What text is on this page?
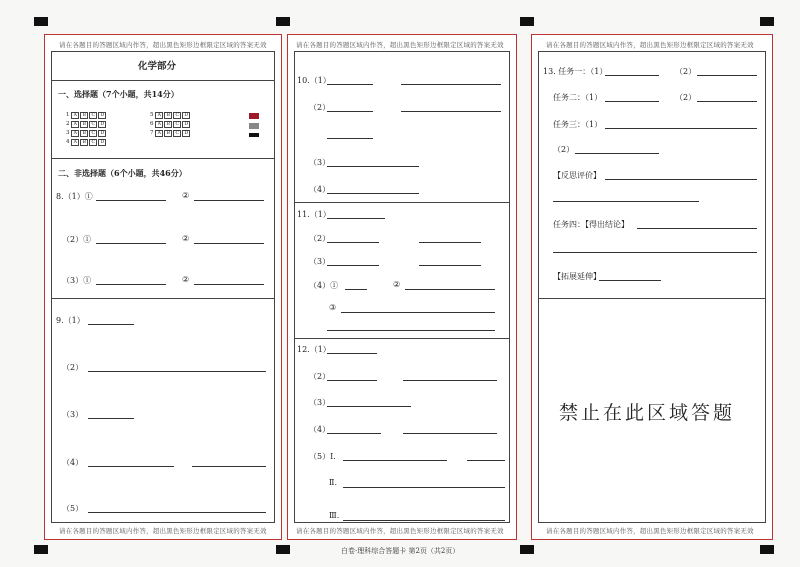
请在各题目的答题区域内作答，超出黑色矩形边框限定区域的答案无效
化学部分
一、选择题（7个小题，共14分）
1 A B C D
2 A B C D
3 A B C D
4 A B C D
5 A B C D
6 A B C D
7 A B C D
二、非选择题（6个小题，共46分）
8.（1）①	②
（2）①	②
（3）①	②
9.（1）
（2）
（3）
（4）
（5）
请在各题目的答题区域内作答，超出黑色矩形边框限定区域的答案无效
请在各题目的答题区域内作答，超出黑色矩形边框限定区域的答案无效
10.（1）
（2）
（3）
（4）
11.（1）
（2）
（3）
（4）①	②
③
12.（1）
（2）
（3）
（4）
（5）Ⅰ.
Ⅱ.
Ⅲ.
请在各题目的答题区域内作答，超出黑色矩形边框限定区域的答案无效
请在各题目的答题区域内作答，超出黑色矩形边框限定区域的答案无效
13. 任务一：（1）	（2）
任务二：（1）	（2）
任务三：（1）
（2）
【反思评价】
任务四：【得出结论】
【拓展延伸】
禁止在此区域答题
请在各题目的答题区域内作答，超出黑色矩形边框限定区域的答案无效
白卷·理科综合答题卡 第2页（共2页）
